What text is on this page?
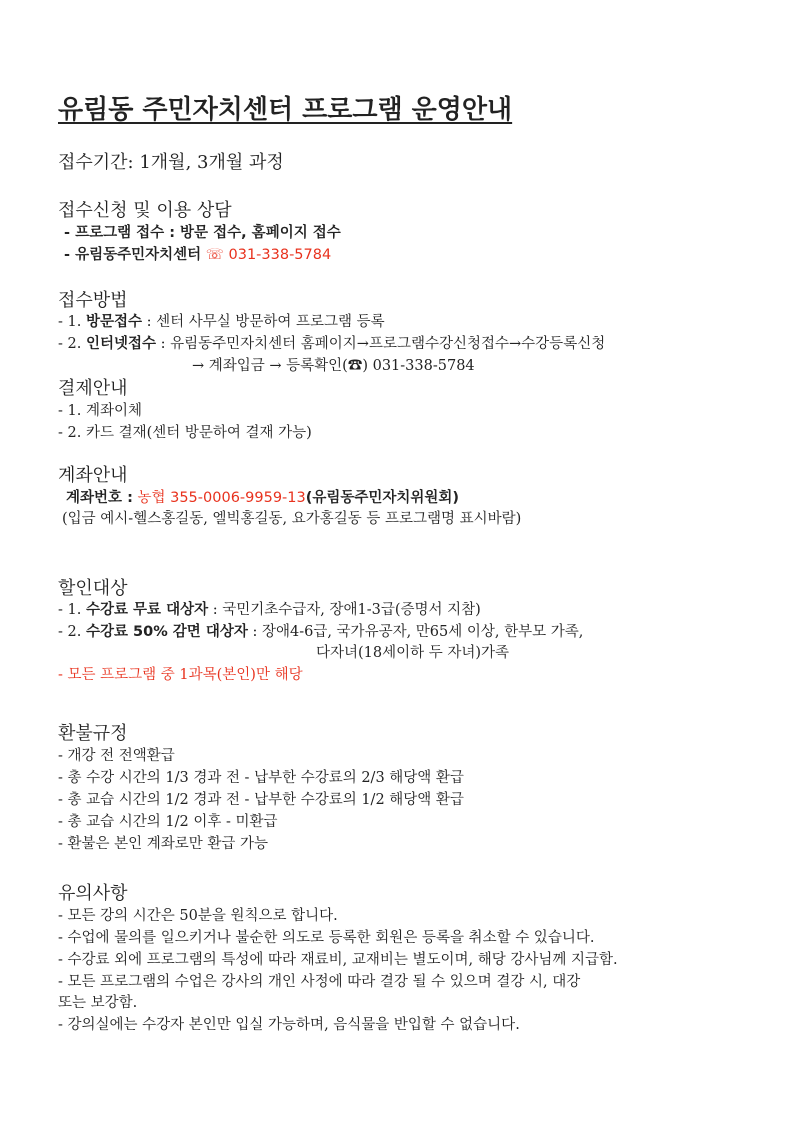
유림동 주민자치센터 프로그램 운영안내
접수기간: 1개월, 3개월 과정
접수신청 및 이용 상담
- 프로그램 접수 : 방문 접수, 홈페이지 접수
- 유림동주민자치센터 ☏ 031-338-5784
접수방법
- 1. 방문접수 : 센터 사무실 방문하여 프로그램 등록
- 2. 인터넷접수 : 유림동주민자치센터 홈페이지→프로그램수강신청접수→수강등록신청
→ 계좌입금 → 등록확인(☎) 031-338-5784
결제안내
- 1. 계좌이체
- 2. 카드 결재(센터 방문하여 결재 가능)
계좌안내
계좌번호 : 농협 355-0006-9959-13(유림동주민자치위원회)
(입금 예시-헬스홍길동, 엘빅홍길동, 요가홍길동 등 프로그램명 표시바람)
할인대상
- 1. 수강료 무료 대상자 : 국민기초수급자, 장애1-3급(증명서 지참)
- 2. 수강료 50% 감면 대상자 : 장애4-6급, 국가유공자, 만65세 이상, 한부모 가족,
다자녀(18세이하 두 자녀)가족
- 모든 프로그램 중 1과목(본인)만 해당
환불규정
- 개강 전 전액환급
- 총 수강 시간의 1/3 경과 전 - 납부한 수강료의 2/3 해당액 환급
- 총 교습 시간의 1/2 경과 전 - 납부한 수강료의 1/2 해당액 환급
- 총 교습 시간의 1/2 이후 - 미환급
- 환불은 본인 계좌로만 환급 가능
유의사항
- 모든 강의 시간은 50분을 원칙으로 합니다.
- 수업에 물의를 일으키거나 불순한 의도로 등록한 회원은 등록을 취소할 수 있습니다.
- 수강료 외에 프로그램의 특성에 따라 재료비, 교재비는 별도이며, 해당 강사님께 지급함.
- 모든 프로그램의 수업은 강사의 개인 사정에 따라 결강 될 수 있으며 결강 시, 대강
또는 보강함.
- 강의실에는 수강자 본인만 입실 가능하며, 음식물을 반입할 수 없습니다.
